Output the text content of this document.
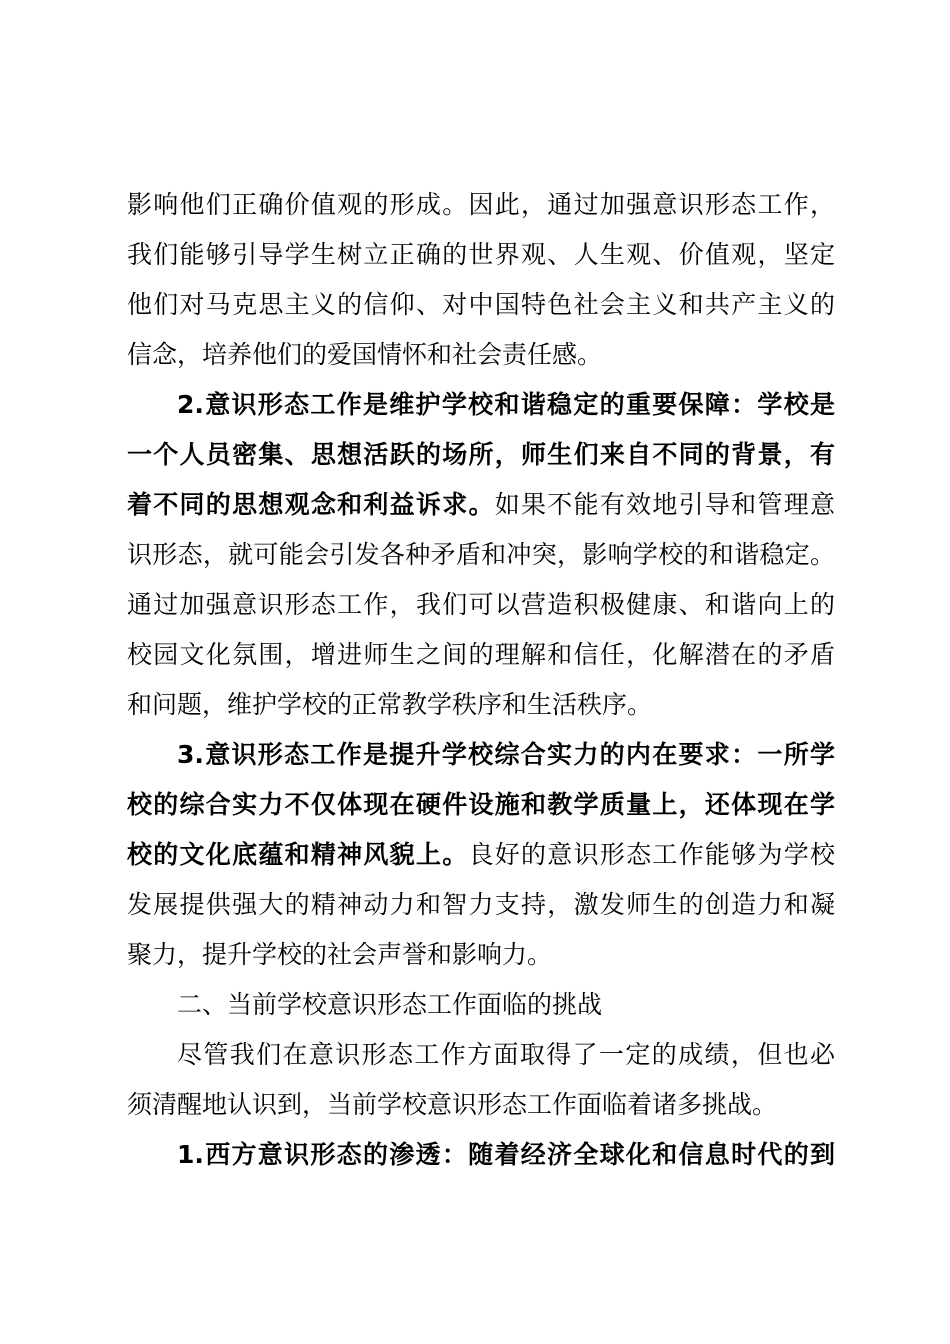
影响他们正确价值观的形成。因此，通过加强意识形态工作，
我们能够引导学生树立正确的世界观、人生观、价值观，坚定
他们对马克思主义的信仰、对中国特色社会主义和共产主义的
信念，培养他们的爱国情怀和社会责任感。
2.意识形态工作是维护学校和谐稳定的重要保障：学校是
一个人员密集、思想活跃的场所，师生们来自不同的背景，有
着不同的思想观念和利益诉求。如果不能有效地引导和管理意
识形态，就可能会引发各种矛盾和冲突，影响学校的和谐稳定。
通过加强意识形态工作，我们可以营造积极健康、和谐向上的
校园文化氛围，增进师生之间的理解和信任，化解潜在的矛盾
和问题，维护学校的正常教学秩序和生活秩序。
3.意识形态工作是提升学校综合实力的内在要求：一所学
校的综合实力不仅体现在硬件设施和教学质量上，还体现在学
校的文化底蕴和精神风貌上。良好的意识形态工作能够为学校
发展提供强大的精神动力和智力支持，激发师生的创造力和凝
聚力，提升学校的社会声誉和影响力。
二、当前学校意识形态工作面临的挑战
尽管我们在意识形态工作方面取得了一定的成绩，但也必
须清醒地认识到，当前学校意识形态工作面临着诸多挑战。
1.西方意识形态的渗透：随着经济全球化和信息时代的到
